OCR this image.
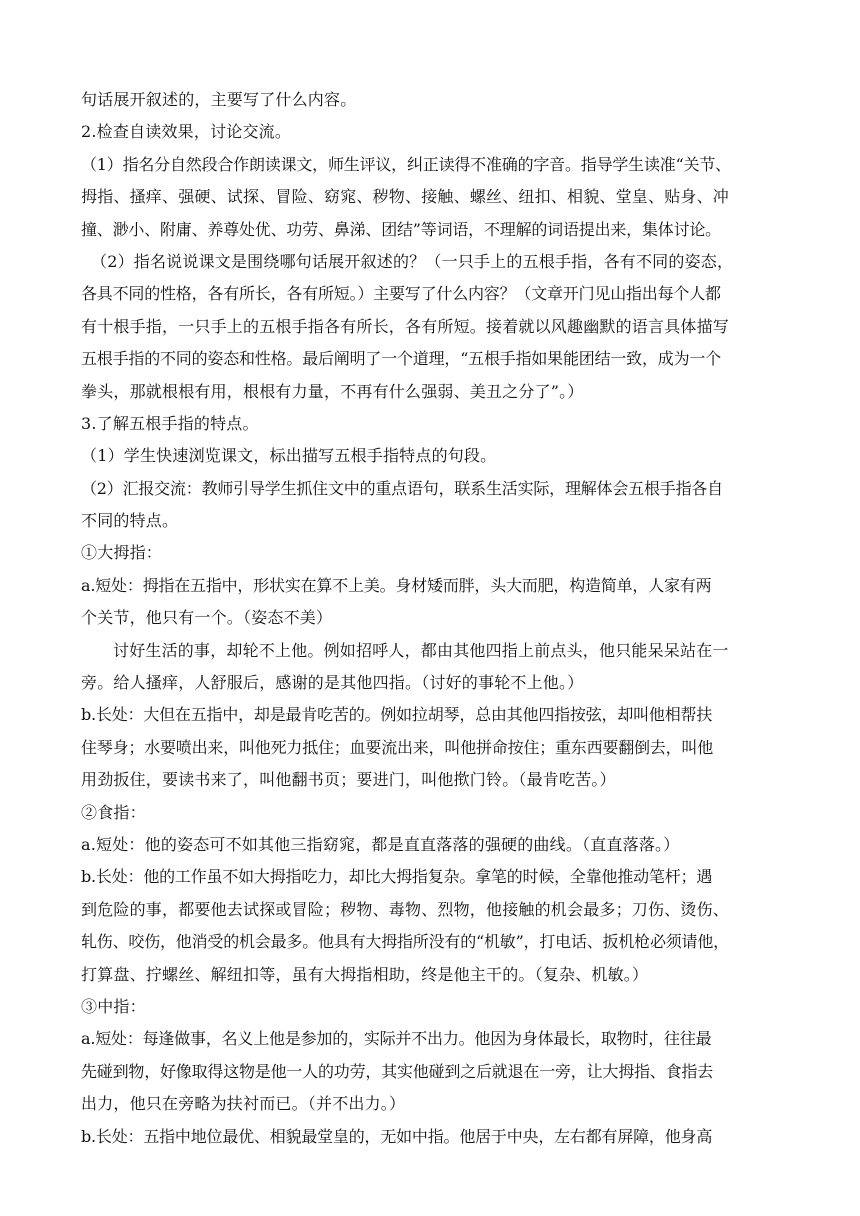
句话展开叙述的，主要写了什么内容。
2.检查自读效果，讨论交流。
（1）指名分自然段合作朗读课文，师生评议，纠正读得不准确的字音。指导学生读准“关节、
拇指、搔痒、强硬、试探、冒险、窈窕、秽物、接触、螺丝、纽扣、相貌、堂皇、贴身、冲
撞、渺小、附庸、养尊处优、功劳、鼻涕、团结”等词语，不理解的词语提出来，集体讨论。
（2）指名说说课文是围绕哪句话展开叙述的？（一只手上的五根手指，各有不同的姿态，
各具不同的性格，各有所长，各有所短。）主要写了什么内容？（文章开门见山指出每个人都
有十根手指，一只手上的五根手指各有所长，各有所短。接着就以风趣幽默的语言具体描写
五根手指的不同的姿态和性格。最后阐明了一个道理，“五根手指如果能团结一致，成为一个
拳头，那就根根有用，根根有力量，不再有什么强弱、美丑之分了”。）
3.了解五根手指的特点。
（1）学生快速浏览课文，标出描写五根手指特点的句段。
（2）汇报交流：教师引导学生抓住文中的重点语句，联系生活实际，理解体会五根手指各自
不同的特点。
①大拇指：
a.短处：拇指在五指中，形状实在算不上美。身材矮而胖，头大而肥，构造简单，人家有两
个关节，他只有一个。（姿态不美）
讨好生活的事，却轮不上他。例如招呼人，都由其他四指上前点头，他只能呆呆站在一
旁。给人搔痒，人舒服后，感谢的是其他四指。（讨好的事轮不上他。）
b.长处：大但在五指中，却是最肯吃苦的。例如拉胡琴，总由其他四指按弦，却叫他相帮扶
住琴身；水要喷出来，叫他死力抵住；血要流出来，叫他拼命按住；重东西要翻倒去，叫他
用劲扳住，要读书来了，叫他翻书页；要进门，叫他揿门铃。（最肯吃苦。）
②食指：
a.短处：他的姿态可不如其他三指窈窕，都是直直落落的强硬的曲线。（直直落落。）
b.长处：他的工作虽不如大拇指吃力，却比大拇指复杂。拿笔的时候，全靠他推动笔杆；遇
到危险的事，都要他去试探或冒险；秽物、毒物、烈物，他接触的机会最多；刀伤、烫伤、
轧伤、咬伤，他消受的机会最多。他具有大拇指所没有的“机敏”，打电话、扳机枪必须请他，
打算盘、拧螺丝、解纽扣等，虽有大拇指相助，终是他主干的。（复杂、机敏。）
③中指：
a.短处：每逢做事，名义上他是参加的，实际并不出力。他因为身体最长，取物时，往往最
先碰到物，好像取得这物是他一人的功劳，其实他碰到之后就退在一旁，让大拇指、食指去
出力，他只在旁略为扶衬而已。（并不出力。）
b.长处：五指中地位最优、相貌最堂皇的，无如中指。他居于中央，左右都有屏障，他身高
